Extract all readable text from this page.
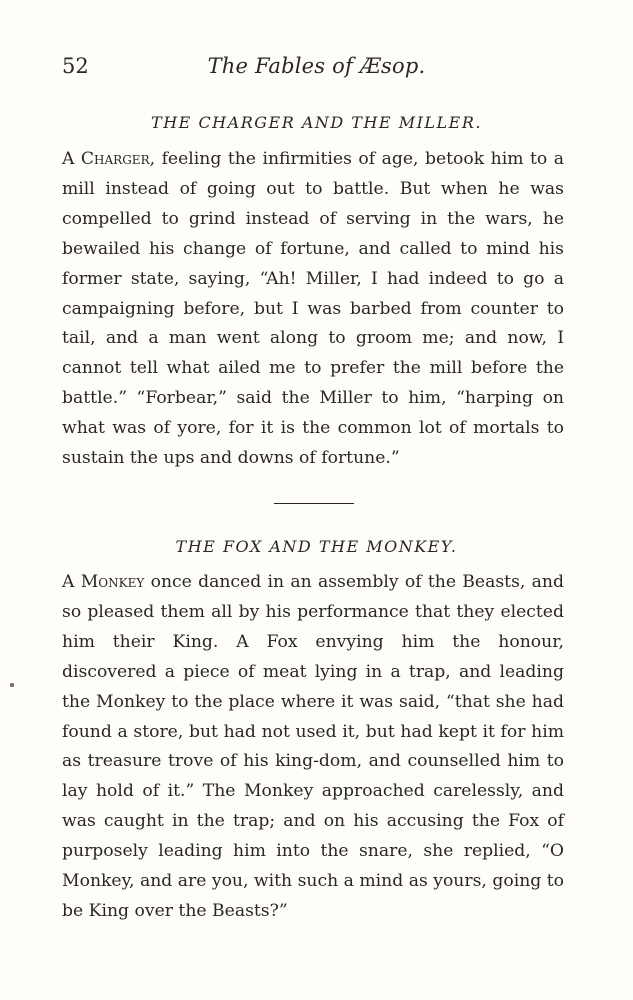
52	The Fables of Æsop.
THE CHARGER AND THE MILLER.

A Charger, feeling the infirmities of age, betook him to a mill instead of going out to battle. But when he was compelled to grind instead of serving in the wars, he bewailed his change of fortune, and called to mind his former state, saying, “Ah! Miller, I had indeed to go a campaigning before, but I was barbed from counter to tail, and a man went along to groom me; and now, I cannot tell what ailed me to prefer the mill before the battle.” “Forbear,” said the Miller to him, “harping on what was of yore, for it is the common lot of mortals to sustain the ups and downs of fortune.”

THE FOX AND THE MONKEY.

A Monkey once danced in an assembly of the Beasts, and so pleased them all by his performance that they elected him their King. A Fox envying him the honour, discovered a piece of meat lying in a trap, and leading the Monkey to the place where it was said, “that she had found a store, but had not used it, but had kept it for him as treasure trove of his king-dom, and counselled him to lay hold of it.” The Monkey approached carelessly, and was caught in the trap; and on his accusing the Fox of purposely leading him into the snare, she replied, “O Monkey, and are you, with such a mind as yours, going to be King over the Beasts?”
